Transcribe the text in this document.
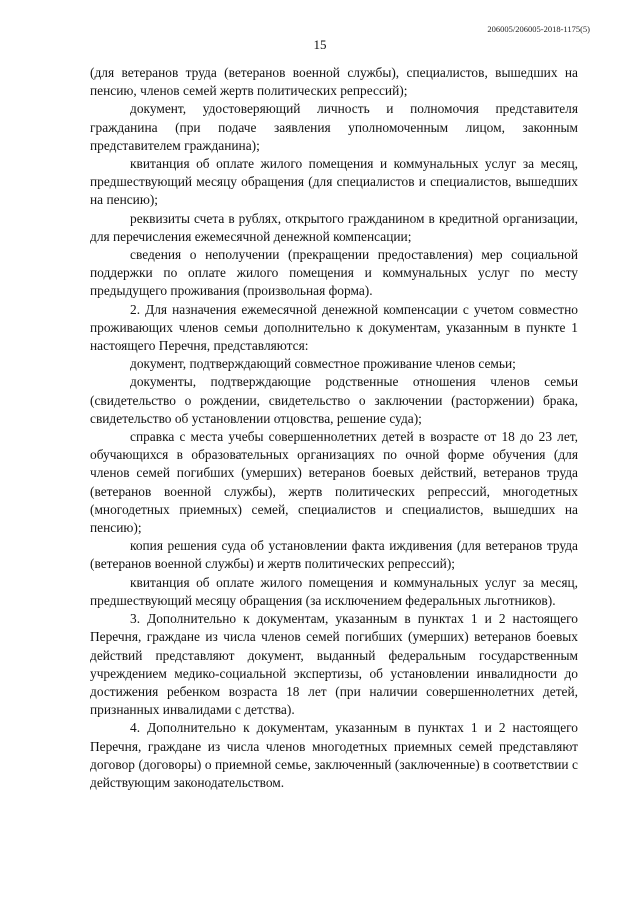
206005/206005-2018-1175(5)
15

(для ветеранов труда (ветеранов военной службы), специалистов, вышедших на пенсию, членов семей жертв политических репрессий);

документ, удостоверяющий личность и полномочия представителя гражданина (при подаче заявления уполномоченным лицом, законным представителем гражданина);

квитанция об оплате жилого помещения и коммунальных услуг за месяц, предшествующий месяцу обращения (для специалистов и специалистов, вышедших на пенсию);

реквизиты счета в рублях, открытого гражданином в кредитной организации, для перечисления ежемесячной денежной компенсации;

сведения о неполучении (прекращении предоставления) мер социальной поддержки по оплате жилого помещения и коммунальных услуг по месту предыдущего проживания (произвольная форма).

2. Для назначения ежемесячной денежной компенсации с учетом совместно проживающих членов семьи дополнительно к документам, указанным в пункте 1 настоящего Перечня, представляются:

документ, подтверждающий совместное проживание членов семьи;

документы, подтверждающие родственные отношения членов семьи (свидетельство о рождении, свидетельство о заключении (расторжении) брака, свидетельство об установлении отцовства, решение суда);

справка с места учебы совершеннолетних детей в возрасте от 18 до 23 лет, обучающихся в образовательных организациях по очной форме обучения (для членов семей погибших (умерших) ветеранов боевых действий, ветеранов труда (ветеранов военной службы), жертв политических репрессий, многодетных (многодетных приемных) семей, специалистов и специалистов, вышедших на пенсию);

копия решения суда об установлении факта иждивения (для ветеранов труда (ветеранов военной службы) и жертв политических репрессий);

квитанция об оплате жилого помещения и коммунальных услуг за месяц, предшествующий месяцу обращения (за исключением федеральных льготников).

3. Дополнительно к документам, указанным в пунктах 1 и 2 настоящего Перечня, граждане из числа членов семей погибших (умерших) ветеранов боевых действий представляют документ, выданный федеральным государственным учреждением медико-социальной экспертизы, об установлении инвалидности до достижения ребенком возраста 18 лет (при наличии совершеннолетних детей, признанных инвалидами с детства).

4. Дополнительно к документам, указанным в пунктах 1 и 2 настоящего Перечня, граждане из числа членов многодетных приемных семей представляют договор (договоры) о приемной семье, заключенный (заключенные) в соответствии с действующим законодательством.
